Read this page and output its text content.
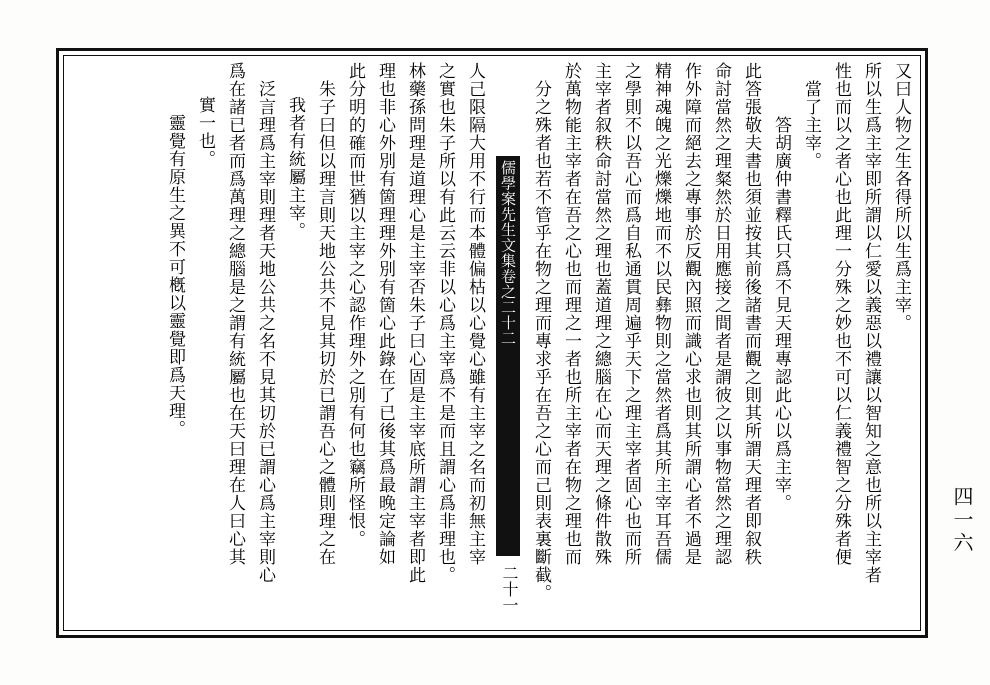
又曰人物之生各得所以生爲主宰。
所以生爲主宰即所謂以仁愛以義惡以禮讓以智知之意也所以主宰者
性也而以之者心也此理一分殊之妙也不可以仁義禮智之分殊者便
當了主宰。
　　答胡廣仲書釋氏只爲不見天理專認此心以爲主宰。
此答張敬夫書也須並按其前後諸書而觀之則其所謂天理者即叙秩
命討當然之理粲然於日用應接之間者是謂彼之以事物當然之理認
作外障而絕去之專事於反觀內照而識心求也則其所謂心者不過是
精神魂魄之光爍爍地而不以民彝物則之當然者爲其所主宰耳吾儒
之學則不以吾心而爲自私通貫周遍乎天下之理主宰者固心也而所
主宰者叙秩命討當然之理也蓋道理之總腦在心而天理之條件散殊
於萬物能主宰者在吾之心也而理之一者也所主宰者在物之理也而
分之殊者也若不管乎在物之理而專求乎在吾之心而己則表裏斷截。
儒學案先生文集卷之二十二
二十一
人己限隔大用不行而本體偏枯以心覺心雖有主宰之名而初無主宰
之實也朱子所以有此云云非以心爲主宰爲不是而且謂心爲非理也。
林藥孫問理是道理心是主宰否朱子曰心固是主宰底所謂主宰者即此
理也非心外別有箇理理外別有箇心此錄在了已後其爲最晚定論如
此分明的確而世猶以主宰之心認作理外之別有何也竊所怪恨。
朱子曰但以理言則天地公共不見其切於已謂吾心之體則理之在
我者有統屬主宰。
泛言理爲主宰則理者天地公共之名不見其切於已謂心爲主宰則心
爲在諸已者而爲萬理之總腦是之謂有統屬也在天曰理在人曰心其
實一也。
　靈覺有原生之異不可槪以靈覺即爲天理。
四一六
